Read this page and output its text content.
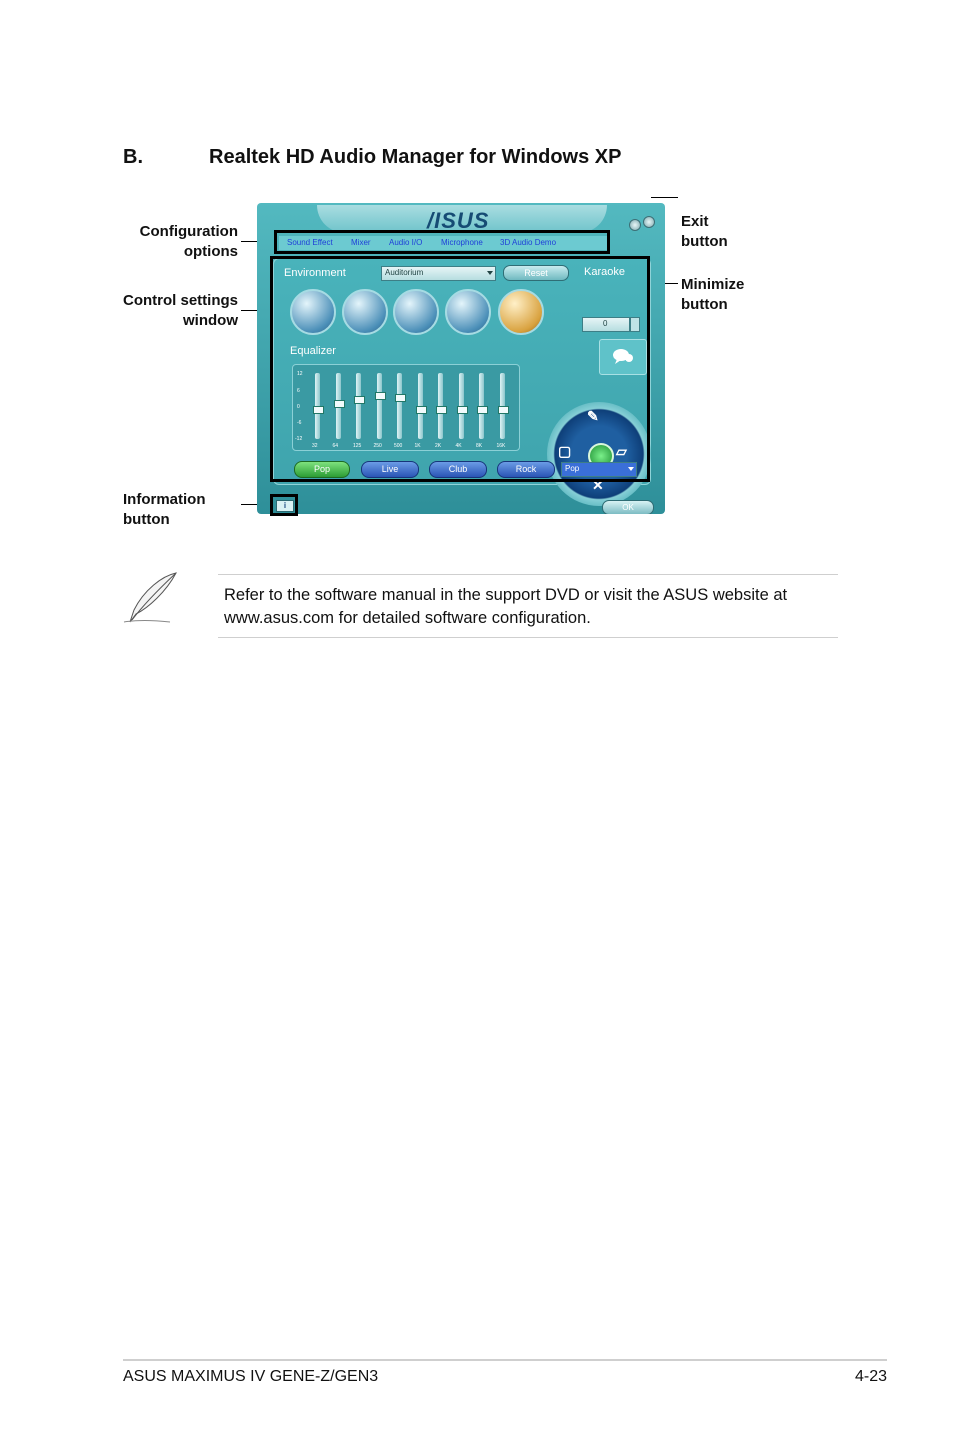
B.	Realtek HD Audio Manager for Windows XP
Configuration
options
Control settings
window
Information
button
Exit
button
Minimize
button
/ISUS
Sound Effect Mixer Audio I/O Microphone 3D Audio Demo
Environment	Auditorium	Reset	Karaoke
0
Equalizer
12
6
0
-6
-12
32	64	125 250 500 1K	2K	4K	8K	16K
✎
▢	▱
✕
Pop	Live	Club	Rock	Pop
i	OK
Refer to the software manual in the support DVD or visit the ASUS website at
www.asus.com for detailed software configuration.
ASUS MAXIMUS IV GENE-Z/GEN3	4-23
